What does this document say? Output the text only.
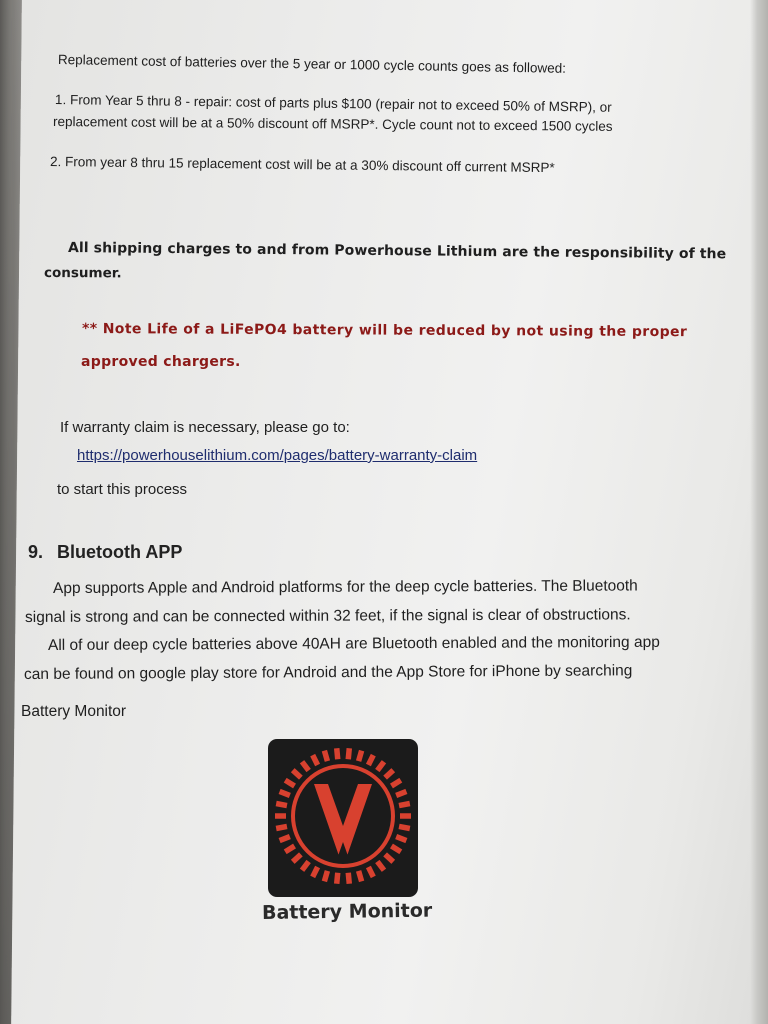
Replacement cost of batteries over the 5 year or 1000 cycle counts goes as followed:

1. From Year 5 thru 8 - repair: cost of parts plus $100 (repair not to exceed 50% of MSRP), or

replacement cost will be at a 50% discount off MSRP*. Cycle count not to exceed 1500 cycles

2. From year 8 thru 15 replacement cost will be at a 30% discount off current MSRP*

All shipping charges to and from Powerhouse Lithium are the responsibility of the

consumer.

** Note Life of a LiFePO4 battery will be reduced by not using the proper

approved chargers.

If warranty claim is necessary, please go to:

https://powerhouselithium.com/pages/battery-warranty-claim

to start this process

9. Bluetooth APP

App supports Apple and Android platforms for the deep cycle batteries. The Bluetooth

signal is strong and can be connected within 32 feet, if the signal is clear of obstructions.

All of our deep cycle batteries above 40AH are Bluetooth enabled and the monitoring app

can be found on google play store for Android and the App Store for iPhone by searching

Battery Monitor

Battery Monitor
